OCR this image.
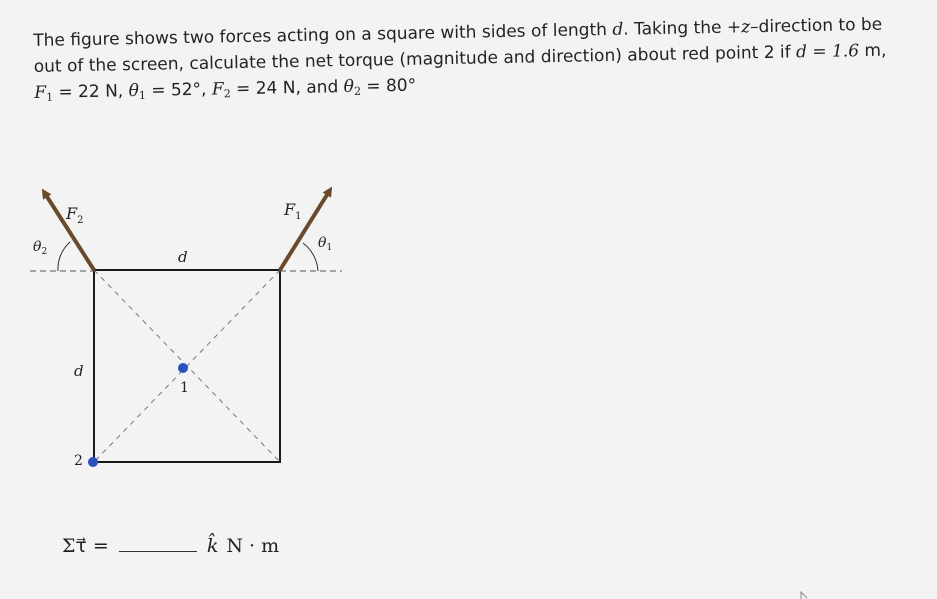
The figure shows two forces acting on a square with sides of length d. Taking the +z–direction to be out of the screen, calculate the net torque (magnitude and direction) about red point 2 if d = 1.6 m, $F_1 = 22$ N, $\theta_1 = 52^\circ$, $F_2 = 24$ N, and $\theta_2 = 80^\circ$

$F_2$
$F_1$
$\theta_2$
$\theta_1$
d
d
1
2
Στ⃗ =	k̂ N · m
